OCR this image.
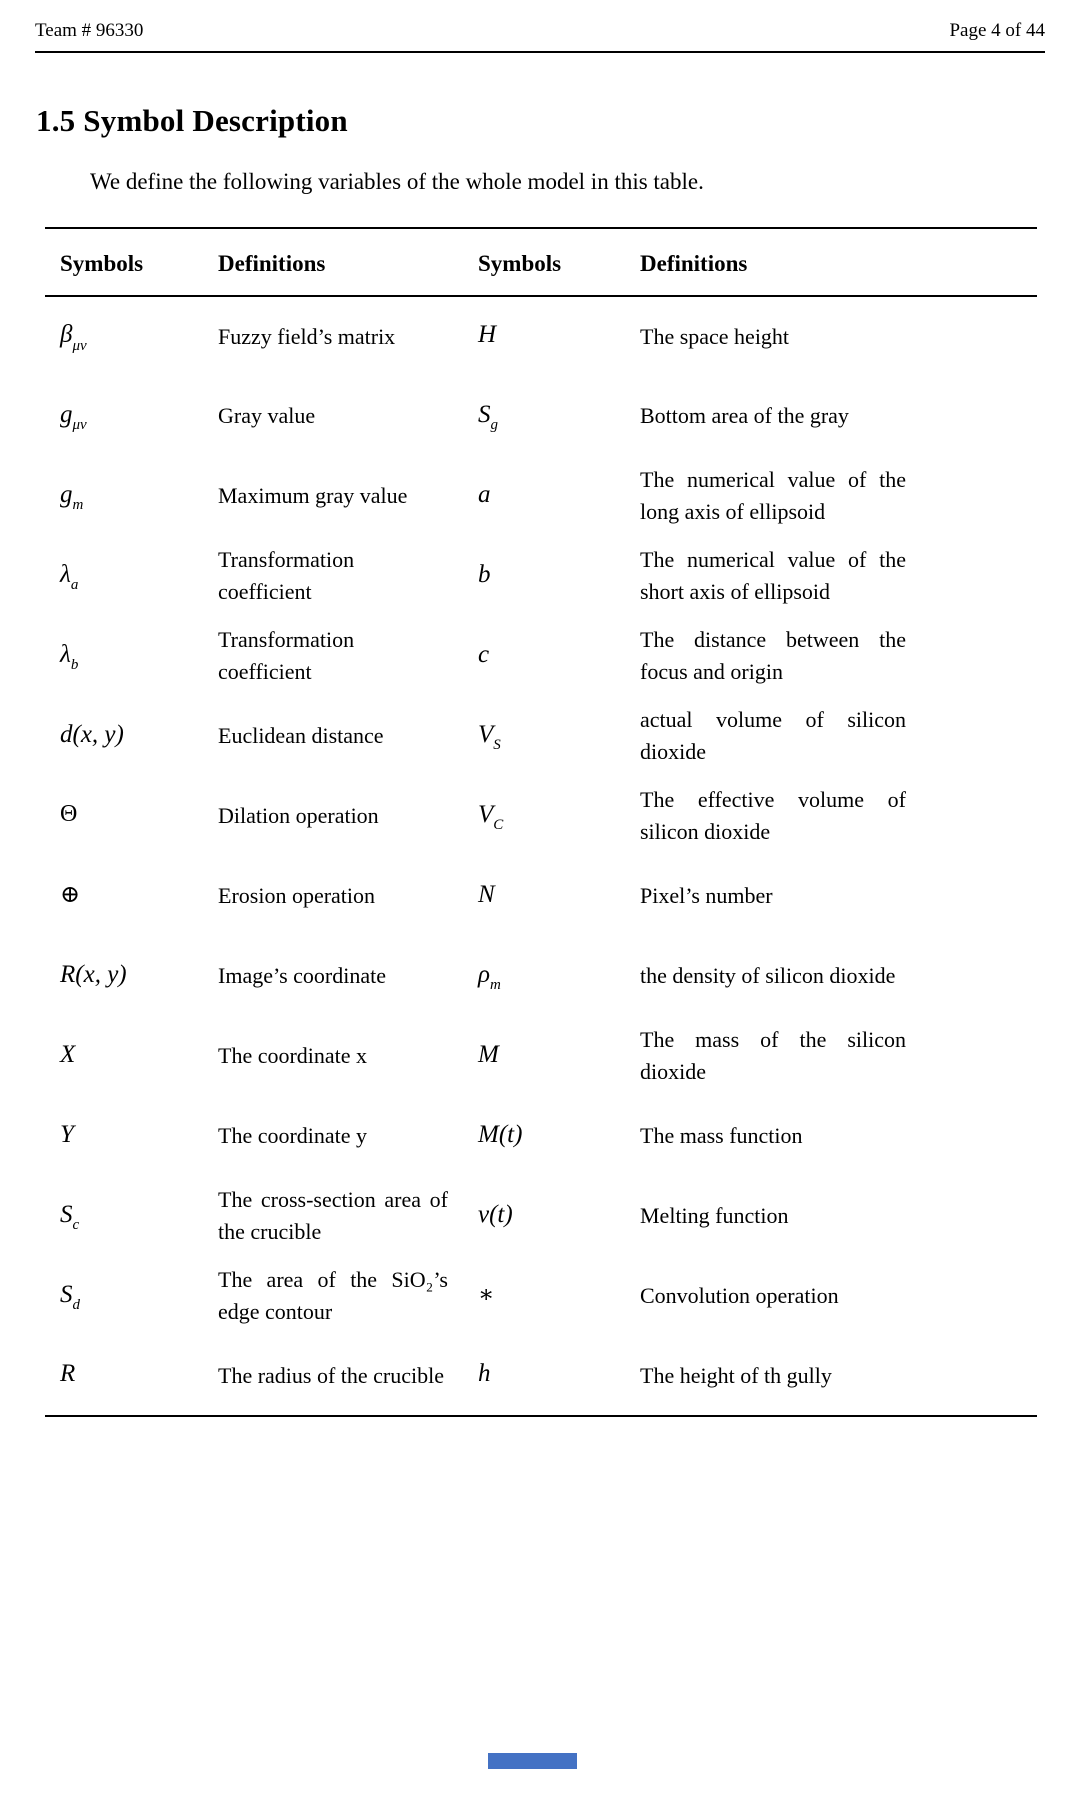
Team # 96330	Page 4 of 44
1.5 Symbol Description

We define the following variables of the whole model in this table.

Symbols	Definitions	Symbols	Definitions
$\beta_{\mu\nu}$	Fuzzy field’s matrix	H	The space height

$g_{\mu\nu}$	Gray value	$S_g$	Bottom area of the gray

$g_m$	Maximum gray value	a	The numerical value of the long axis of ellipsoid

$\lambda_a$	Transformation coefficient	b	The numerical value of the short axis of ellipsoid

$\lambda_b$	Transformation coefficient	c	The distance between the focus and origin

d(x, y)	Euclidean distance	$V_S$	actual volume of silicon dioxide

Θ	Dilation operation	$V_C$	The effective volume of silicon dioxide

⊕	Erosion operation	N	Pixel’s number

R(x, y)	Image’s coordinate	$\rho_m$	the density of silicon dioxide

X	The coordinate x	M	The mass of the silicon dioxide

Y	The coordinate y	M(t)	The mass function

$S_c$	The cross-section area of the crucible	v(t)	Melting function

$S_d$	The area of the SiO₂’s edge contour	∗	Convolution operation

R	The radius of the crucible	h	The height of th gully
